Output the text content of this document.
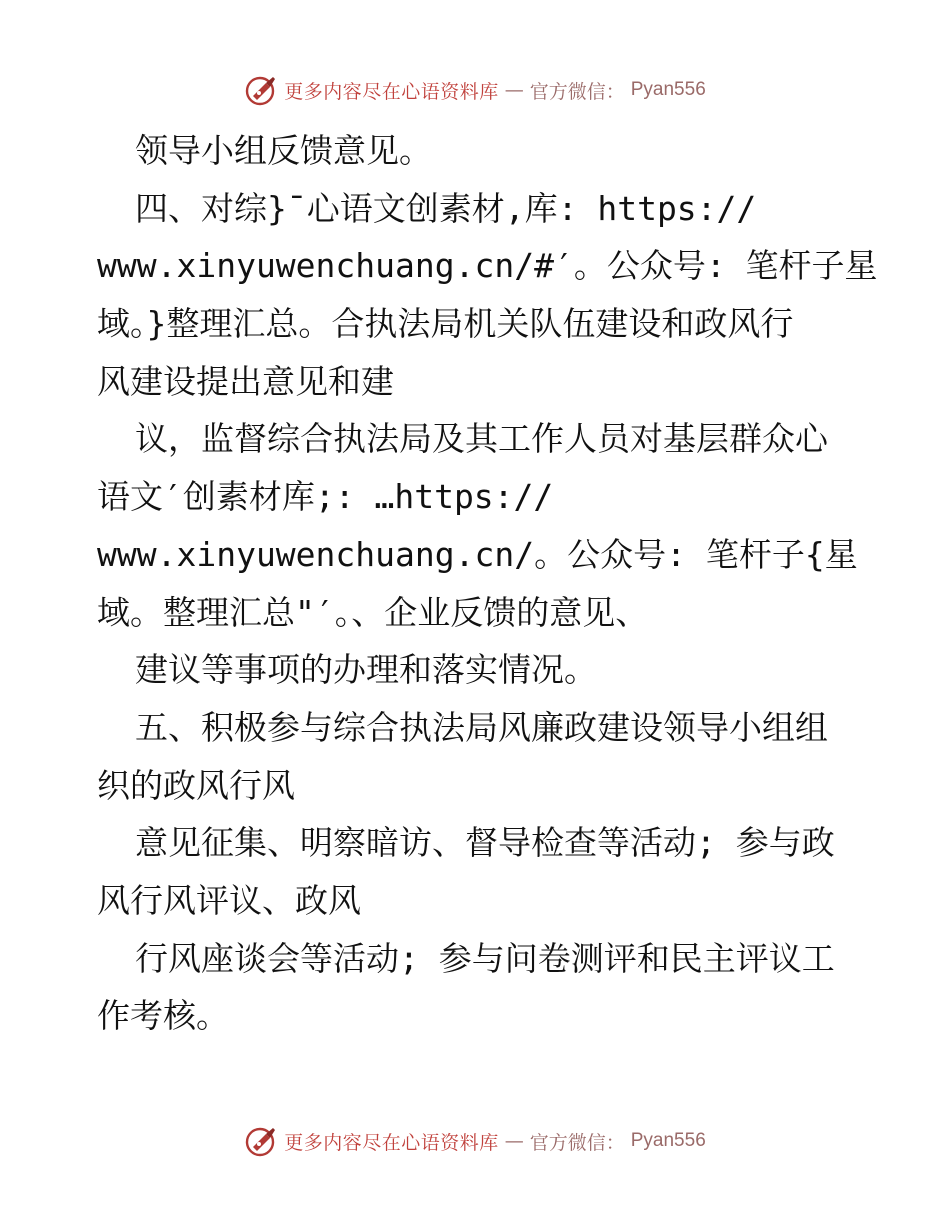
更多内容尽在心语资料库 — 官方微信： Pyan556
领导小组反馈意见。
四、对综}¯心语文创素材,库: https://
www.xinyuwenchuang.cn/#′。公众号: 笔杆子星
域。}整理汇总。合执法局机关队伍建设和政风行
风建设提出意见和建
议，监督综合执法局及其工作人员对基层群众心
语文′创素材库;: …https://
www.xinyuwenchuang.cn/。公众号: 笔杆子{星
域。整理汇总"′。、企业反馈的意见、
建议等事项的办理和落实情况。
五、积极参与综合执法局风廉政建设领导小组组
织的政风行风
意见征集、明察暗访、督导检查等活动; 参与政
风行风评议、政风
行风座谈会等活动; 参与问卷测评和民主评议工
作考核。
更多内容尽在心语资料库 — 官方微信： Pyan556
